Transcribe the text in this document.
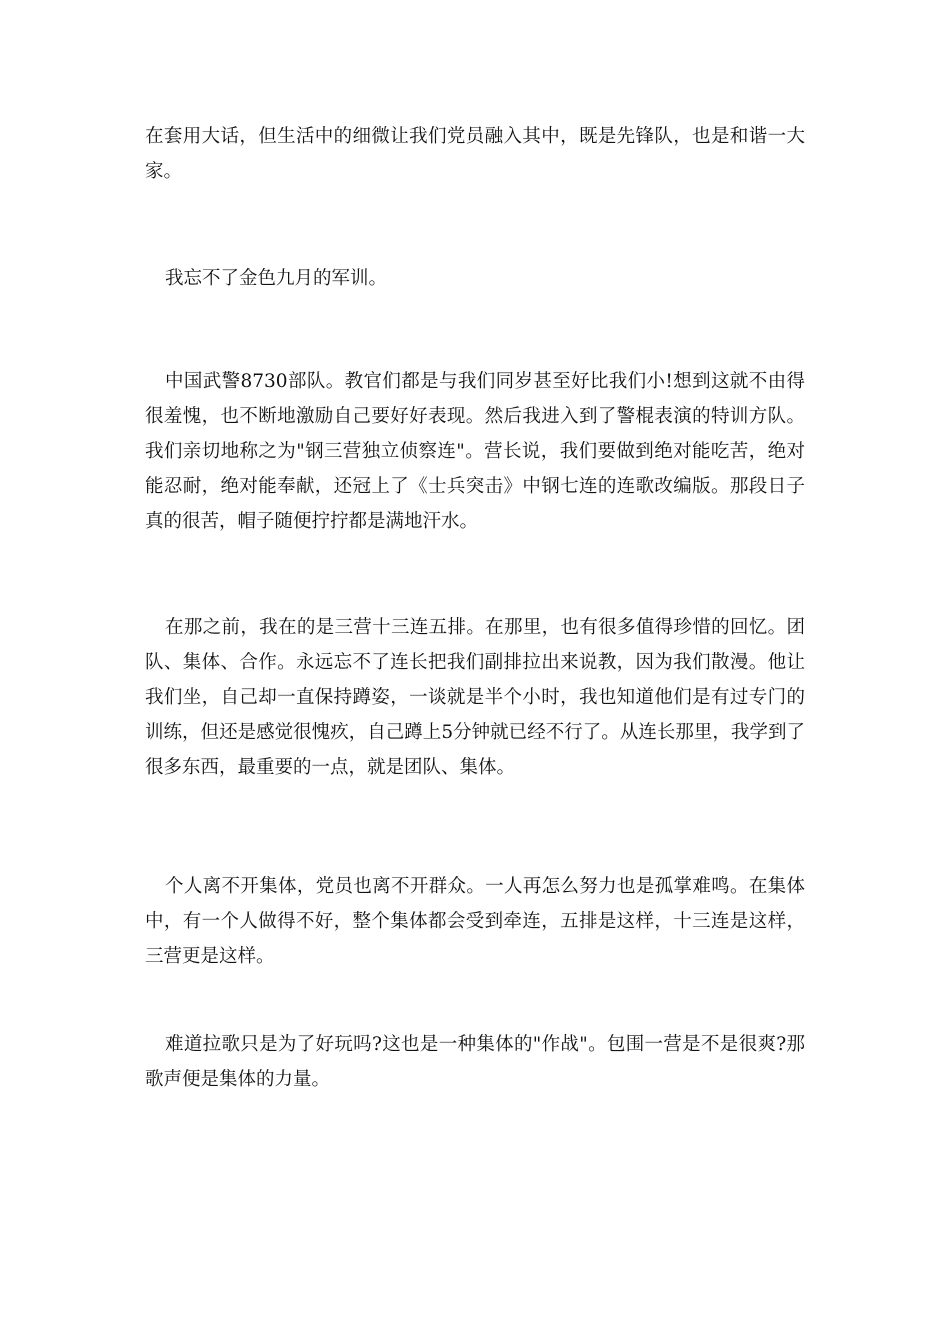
在套用大话，但生活中的细微让我们党员融入其中，既是先锋队，也是和谐一大家。

我忘不了金色九月的军训。

中国武警8730部队。教官们都是与我们同岁甚至好比我们小!想到这就不由得很羞愧，也不断地激励自己要好好表现。然后我进入到了警棍表演的特训方队。我们亲切地称之为"钢三营独立侦察连"。营长说，我们要做到绝对能吃苦，绝对能忍耐，绝对能奉献，还冠上了《士兵突击》中钢七连的连歌改编版。那段日子真的很苦，帽子随便拧拧都是满地汗水。

在那之前，我在的是三营十三连五排。在那里，也有很多值得珍惜的回忆。团队、集体、合作。永远忘不了连长把我们副排拉出来说教，因为我们散漫。他让我们坐，自己却一直保持蹲姿，一谈就是半个小时，我也知道他们是有过专门的训练，但还是感觉很愧疚，自己蹲上5分钟就已经不行了。从连长那里，我学到了很多东西，最重要的一点，就是团队、集体。

个人离不开集体，党员也离不开群众。一人再怎么努力也是孤掌难鸣。在集体中，有一个人做得不好，整个集体都会受到牵连，五排是这样，十三连是这样，三营更是这样。

难道拉歌只是为了好玩吗?这也是一种集体的"作战"。包围一营是不是很爽?那歌声便是集体的力量。
